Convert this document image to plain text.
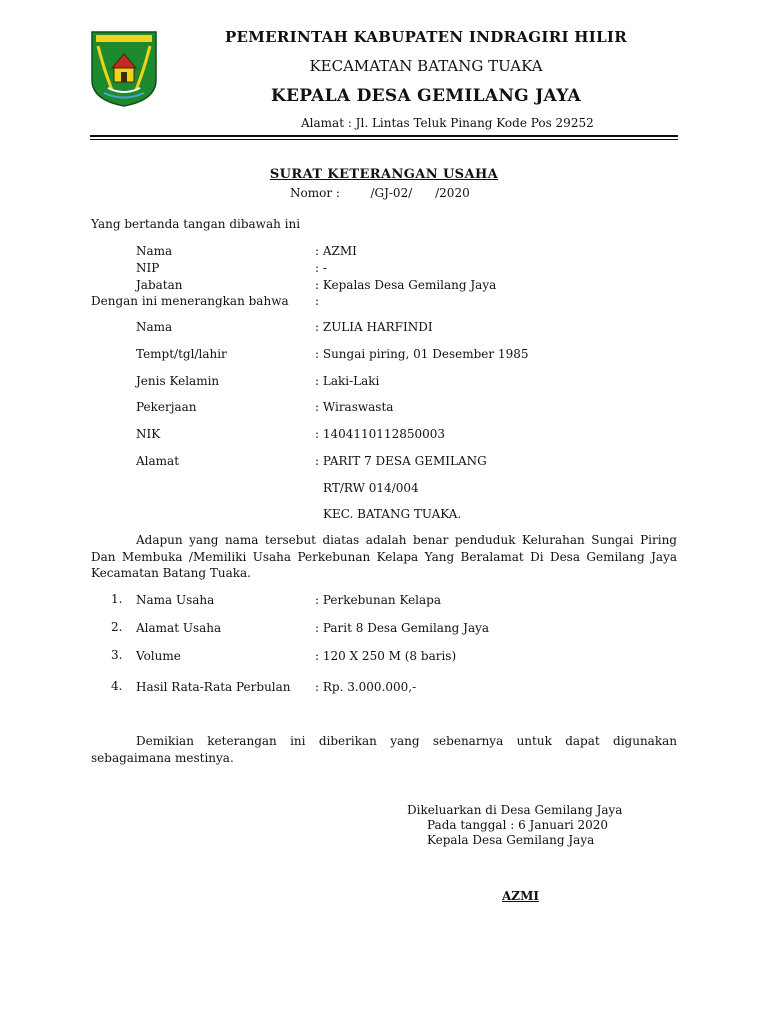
PEMERINTAH KABUPATEN INDRAGIRI HILIR
KECAMATAN BATANG TUAKA
KEPALA DESA GEMILANG JAYA
Alamat : Jl. Lintas Teluk Pinang Kode Pos 29252
SURAT KETERANGAN USAHA
Nomor :        /GJ-02/      /2020
Yang bertanda tangan dibawah ini
Nama	: AZMI
NIP	: -
Jabatan	: Kepalas Desa Gemilang Jaya
Dengan ini menerangkan bahwa :
Nama	: ZULIA HARFINDI
Tempt/tgl/lahir	: Sungai piring, 01 Desember 1985
Jenis Kelamin	: Laki-Laki
Pekerjaan	: Wiraswasta
NIK	: 1404110112850003
Alamat	: PARIT 7 DESA GEMILANG
RT/RW 014/004
KEC. BATANG TUAKA.
Adapun yang nama tersebut diatas adalah benar penduduk Kelurahan Sungai Piring Dan Membuka /Memiliki Usaha Perkebunan Kelapa Yang Beralamat Di Desa Gemilang Jaya Kecamatan Batang Tuaka.
1. Nama Usaha	: Perkebunan Kelapa
2. Alamat Usaha	: Parit 8 Desa Gemilang Jaya
3. Volume	: 120 X 250 M (8 baris)
4. Hasil Rata-Rata Perbulan : Rp. 3.000.000,-
Demikian keterangan ini diberikan yang sebenarnya untuk dapat digunakan sebagaimana mestinya.
Dikeluarkan di Desa Gemilang Jaya
Pada tanggal : 6 Januari 2020
Kepala Desa Gemilang Jaya
AZMI
